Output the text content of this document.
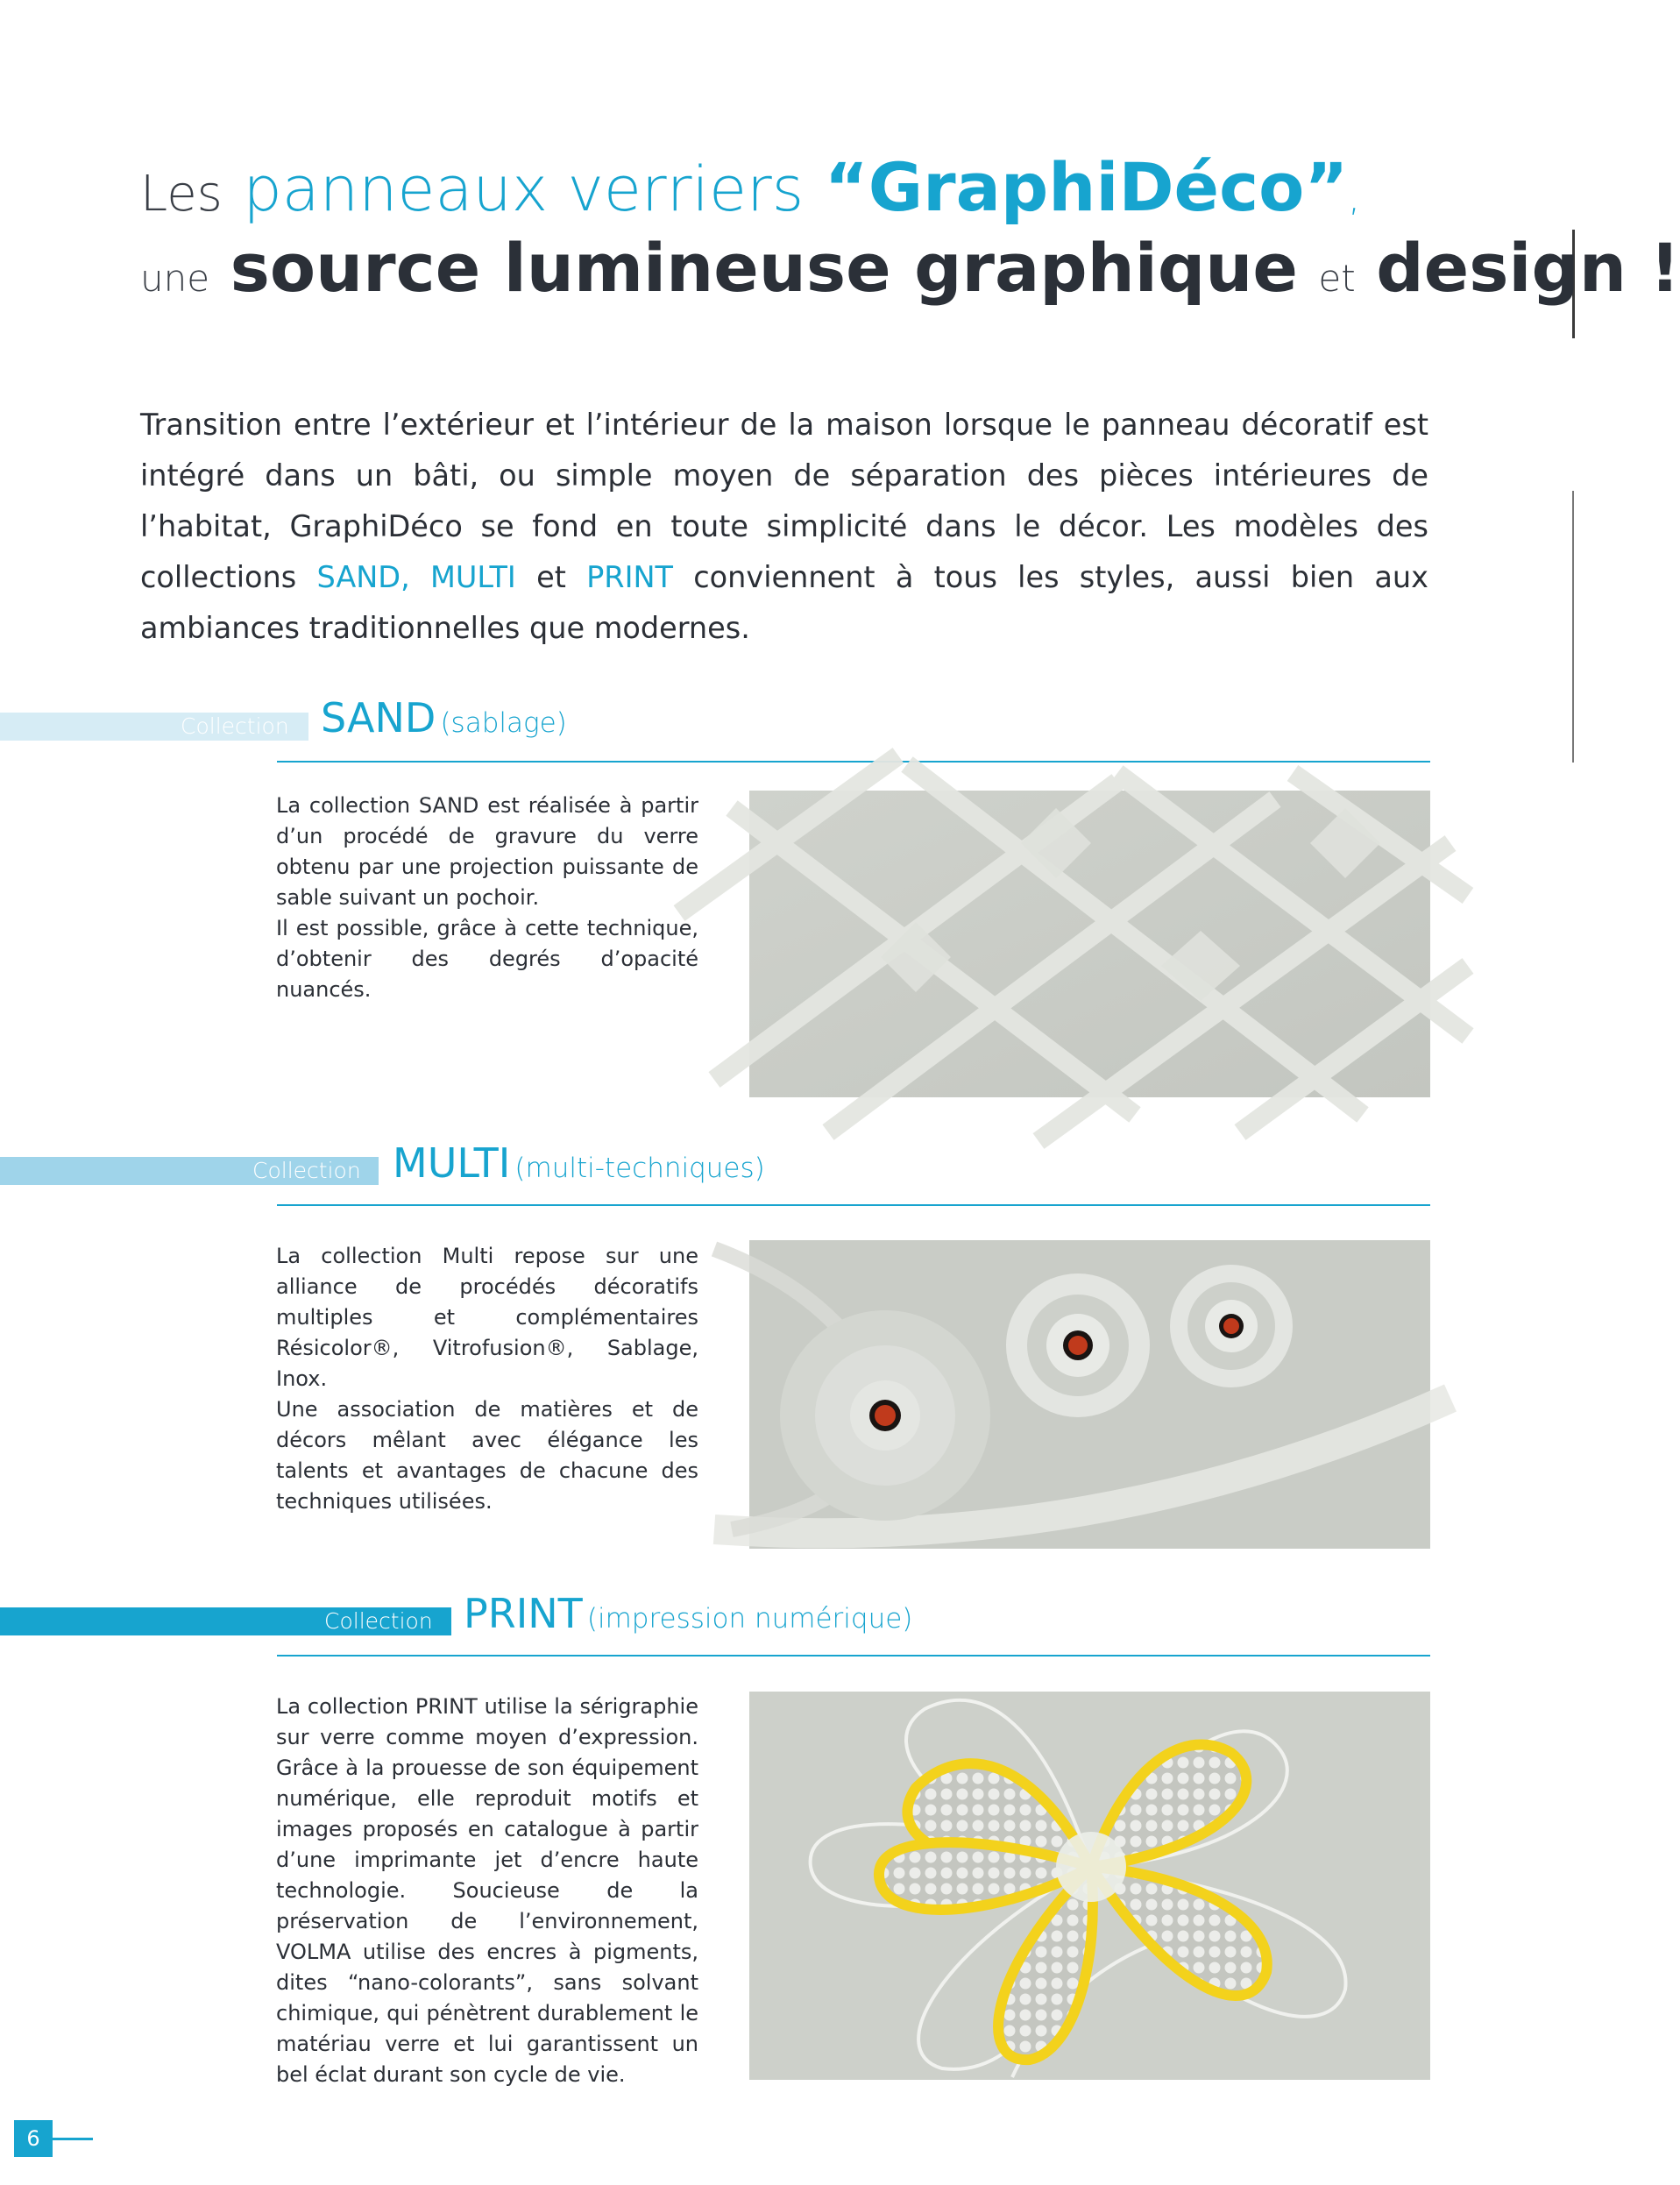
Les panneaux verriers “GraphiDéco”,
une source lumineuse graphique et design !
Transition entre l’extérieur et l’intérieur de la maison lorsque le panneau décoratif est intégré dans un bâti, ou simple moyen de séparation des pièces intérieures de l’habitat, GraphiDéco se fond en toute simplicité dans le décor. Les modèles des collections SAND, MULTI et PRINT conviennent à tous les styles, aussi bien aux ambiances traditionnelles que modernes.
Collection SAND (sablage)

La collection SAND est réalisée à partir d’un procédé de gravure du verre obtenu par une projection puissante de sable suivant un pochoir.

Il est possible, grâce à cette technique, d’obtenir des degrés d’opacité nuancés.

Collection MULTI (multi-techniques)

La collection Multi repose sur une alliance de procédés décoratifs multiples et complémentaires Résicolor®, Vitrofusion®, Sablage, Inox.

Une association de matières et de décors mêlant avec élégance les talents et avantages de chacune des techniques utilisées.

Collection PRINT (impression numérique)

La collection PRINT utilise la sérigraphie sur verre comme moyen d’expression. Grâce à la prouesse de son équipement numérique, elle reproduit motifs et images proposés en catalogue à partir d’une imprimante jet d’encre haute technologie. Soucieuse de la préservation de l’environnement, VOLMA utilise des encres à pigments, dites “nano-colorants”, sans solvant chimique, qui pénètrent durablement le matériau verre et lui garantissent un bel éclat durant son cycle de vie.

6
